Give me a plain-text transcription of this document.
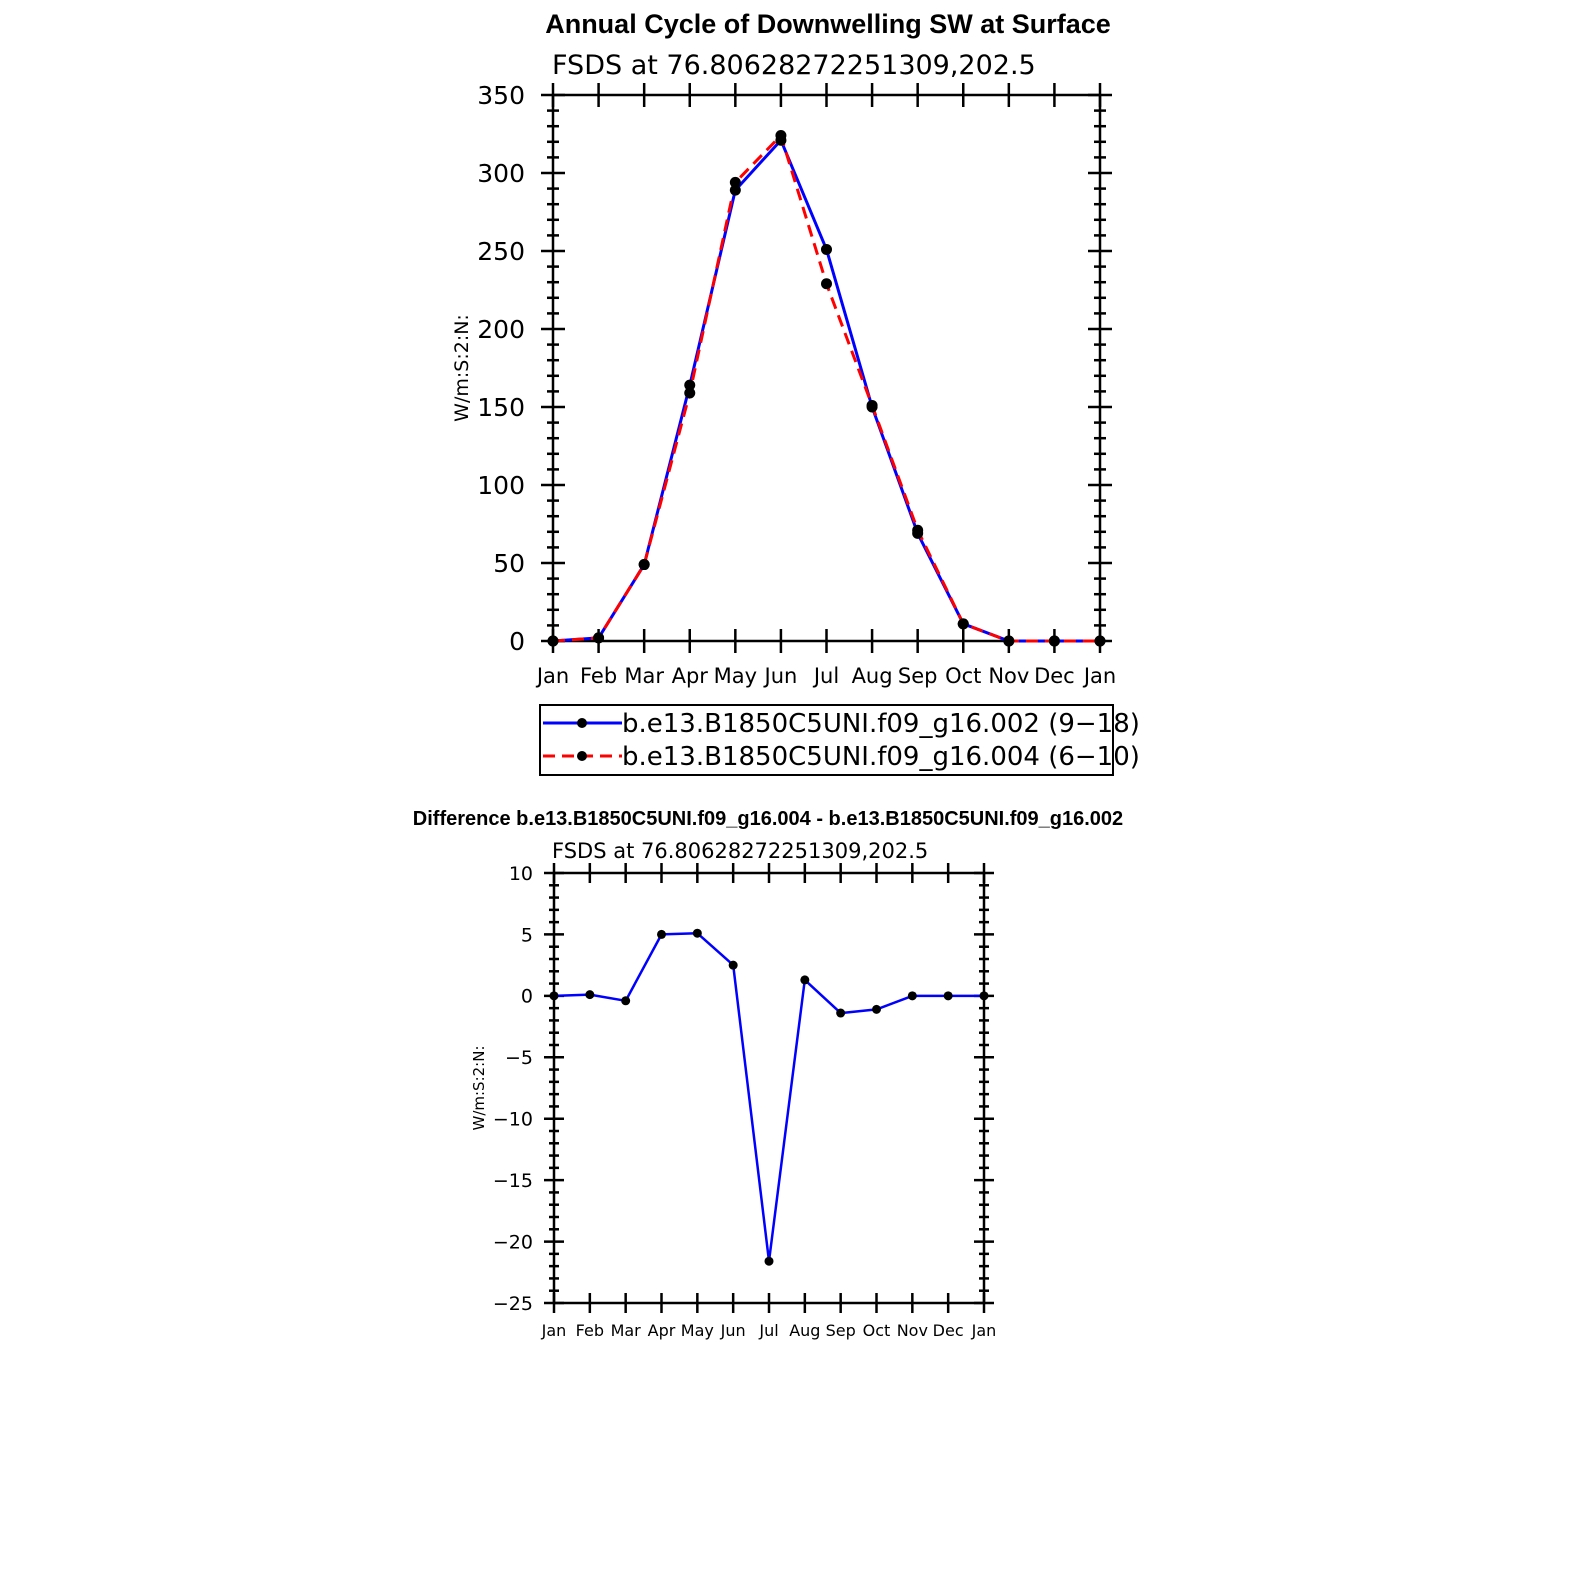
Annual Cycle of Downwelling SW at Surface
FSDS at 76.80628272251309,202.5
W/m:S:2:N:
Jan Feb Mar Apr May Jun Jul Aug Sep Oct Nov Dec Jan
0
50
100
150
200
250
300
350
b.e13.B1850C5UNI.f09_g16.002 (9−18)
b.e13.B1850C5UNI.f09_g16.004 (6−10)
Difference b.e13.B1850C5UNI.f09_g16.004 - b.e13.B1850C5UNI.f09_g16.002
FSDS at 76.80628272251309,202.5
W/m:S:2:N:
Jan Feb Mar Apr May Jun Jul Aug Sep Oct Nov Dec Jan
−25
−20
−15
−10
−5
0
5
10
